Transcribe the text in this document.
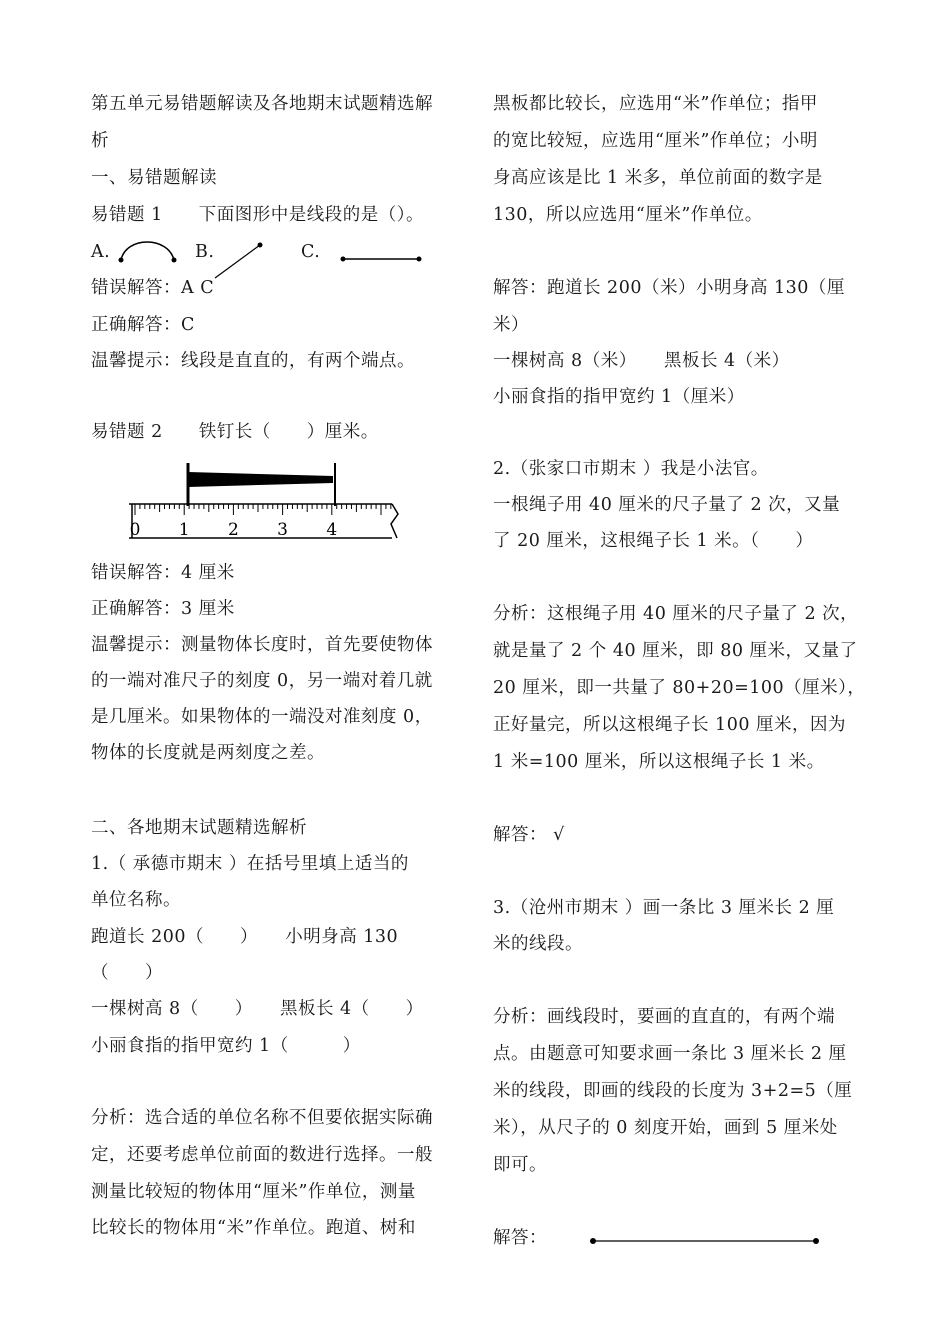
第五单元易错题解读及各地期末试题精选解
析
一、易错题解读
易错题 1　　下面图形中是线段的是（）。
A.	B.	C.
错误解答：A C
正确解答：C
温馨提示：线段是直直的，有两个端点。
易错题 2　　铁钉长（　　）厘米。
0 1 2 3 4
错误解答：4 厘米
正确解答：3 厘米
温馨提示：测量物体长度时，首先要使物体
的一端对准尺子的刻度 0，另一端对着几就
是几厘米。如果物体的一端没对准刻度 0，
物体的长度就是两刻度之差。
二、各地期末试题精选解析
1.（ 承德市期末 ）在括号里填上适当的
单位名称。
跑道长 200（　　）　　小明身高 130
（　　）
一棵树高 8（　　）　　黑板长 4（　　）
小丽食指的指甲宽约 1（　　　）
分析：选合适的单位名称不但要依据实际确
定，还要考虑单位前面的数进行选择。一般
测量比较短的物体用“厘米”作单位，测量
比较长的物体用“米”作单位。跑道、树和
黑板都比较长，应选用“米”作单位；指甲
的宽比较短，应选用“厘米”作单位；小明
身高应该是比 1 米多，单位前面的数字是
130，所以应选用“厘米”作单位。
解答：跑道长 200（米）小明身高 130（厘
米）
一棵树高 8（米）　　黑板长 4（米）
小丽食指的指甲宽约 1（厘米）
2.（张家口市期末 ）我是小法官。
一根绳子用 40 厘米的尺子量了 2 次，又量
了 20 厘米，这根绳子长 1 米。（　　）
分析：这根绳子用 40 厘米的尺子量了 2 次，
就是量了 2 个 40 厘米，即 80 厘米，又量了
20 厘米，即一共量了 80+20=100（厘米），
正好量完，所以这根绳子长 100 厘米，因为
1 米=100 厘米，所以这根绳子长 1 米。
解答： √
3.（沧州市期末 ）画一条比 3 厘米长 2 厘
米的线段。
分析：画线段时，要画的直直的，有两个端
点。由题意可知要求画一条比 3 厘米长 2 厘
米的线段，即画的线段的长度为 3+2=5（厘
米），从尺子的 0 刻度开始，画到 5 厘米处
即可。
解答：
